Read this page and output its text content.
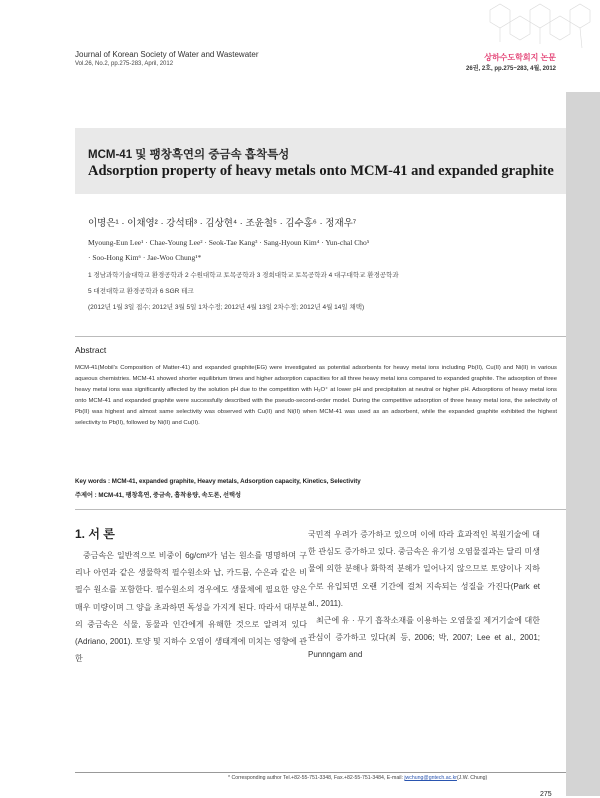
Journal of Korean Society of Water and Wastewater
Vol.26, No.2, pp.275-283, April, 2012
상하수도학회지 논문
26권, 2호, pp.275~283, 4월, 2012
MCM-41 및 팽창흑연의 중금속 흡착특성
Adsorption property of heavy metals onto MCM-41 and expanded graphite
이명은¹ · 이채영² · 강석태³ · 김상현⁴ · 조윤철⁵ · 김수홍⁶ · 정재우⁷
Myoung-Eun Lee¹ · Chae-Young Lee² · Seok-Tae Kang³ · Sang-Hyoun Kim⁴ · Yun-chal Cho⁵
· Soo-Hong Kim⁶ · Jae-Woo Chung¹*
1 경남과학기술대학교 환경공학과 2 수원대학교 토목공학과 3 경희대학교 토목공학과 4 대구대학교 환경공학과
5 대전대학교 환경공학과 6 SGR 테크
(2012년 1월 3일 접수; 2012년 3월 5일 1차수정; 2012년 4월 13일 2차수정; 2012년 4월 14일 채택)
Abstract
MCM-41(Mobil's Composition of Matter-41) and expanded graphite(EG) were investigated as potential adsorbents for heavy metal ions including Pb(II), Cu(II) and Ni(II) in various aqueous chemistries. MCM-41 showed shorter equilibrium times and higher adsorption capacities for all three heavy metal ions compared to expanded graphite. The adsorption of three heavy metal ions was significantly affected by the solution pH due to the competition with H₃O⁺ at lower pH and precipitation at neutral or higher pH. Adsorptions of heavy metal ions onto MCM-41 and expanded graphite were successfully described with the pseudo-second-order model. During the competitive adsorption of three heavy metal ions, the selectivity of Pb(II) was highest and almost same selectivity was observed with Cu(II) and Ni(II) when MCM-41 was used as an adsorbent, while the expanded graphite exhibited the highest selectivity to Pb(II), followed by Ni(II) and Cu(II).
Key words : MCM-41, expanded graphite, Heavy metals, Adsorption capacity, Kinetics, Selectivity
주제어 : MCM-41, 팽창흑연, 중금속, 흡착용량, 속도론, 선택성
1. 서 론
중금속은 일반적으로 비중이 6g/cm³가 넘는 원소를 명명하며 구리나 아연과 같은 생물학적 필수원소와 납, 카드뮴, 수은과 같은 비필수 원소를 포함한다. 필수원소의 경우에도 생물체에 필요한 양은 매우 미량이며 그 양을 초과하면 독성을 가지게 된다. 따라서 대부분의 중금속은 식물, 동물과 인간에게 유해한 것으로 알려져 있다(Adriano, 2001). 토양 및 지하수 오염이 생태계에 미치는 영향에 관한
국민적 우려가 증가하고 있으며 이에 따라 효과적인 복원기술에 대한 관심도 증가하고 있다. 중금속은 유기성 오염물질과는 달리 미생물에 의한 분해나 화학적 분해가 일어나지 않으므로 토양이나 지하수로 유입되면 오랜 기간에 걸쳐 지속되는 성질을 가진다(Park et al., 2011).
최근에 유 · 무기 흡착소재를 이용하는 오염물질 제거기술에 대한 관심이 증가하고 있다(최 등, 2006; 박, 2007; Lee et al., 2001; Punnngam and
* Corresponding author Tel.+82-55-751-3348, Fax.+82-55-751-3484, E-mail: jwchung@gntech.ac.kr(J.W. Chung)
275
